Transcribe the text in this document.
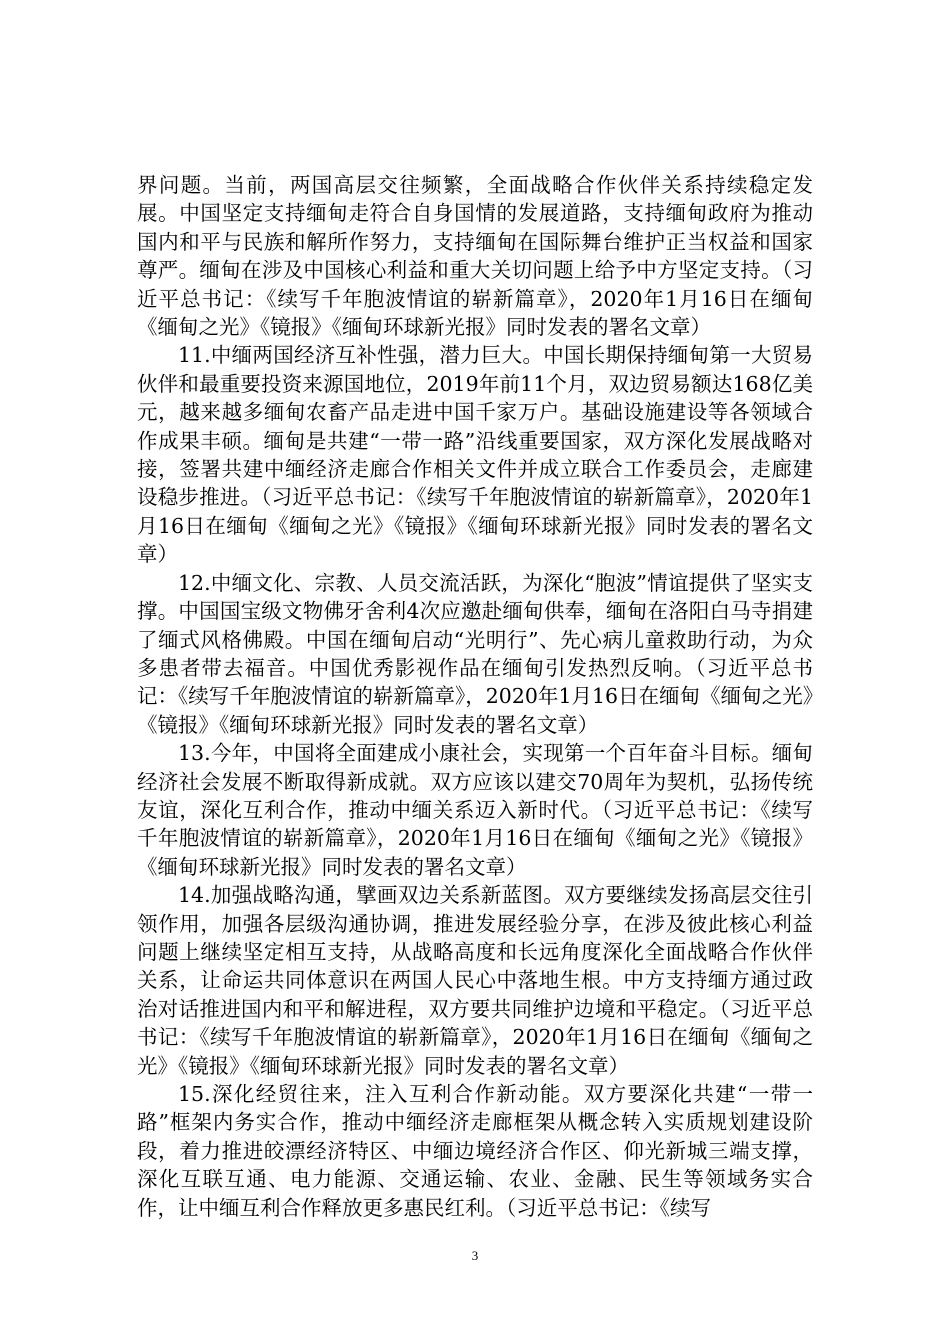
界问题。当前，两国高层交往频繁，全面战略合作伙伴关系持续稳定发展。中国坚定支持缅甸走符合自身国情的发展道路，支持缅甸政府为推动国内和平与民族和解所作努力，支持缅甸在国际舞台维护正当权益和国家尊严。缅甸在涉及中国核心利益和重大关切问题上给予中方坚定支持。（习近平总书记：《续写千年胞波情谊的崭新篇章》，2020年1月16日在缅甸《缅甸之光》《镜报》《缅甸环球新光报》同时发表的署名文章）

11.中缅两国经济互补性强，潜力巨大。中国长期保持缅甸第一大贸易伙伴和最重要投资来源国地位，2019年前11个月，双边贸易额达168亿美元，越来越多缅甸农畜产品走进中国千家万户。基础设施建设等各领域合作成果丰硕。缅甸是共建“一带一路”沿线重要国家，双方深化发展战略对接，签署共建中缅经济走廊合作相关文件并成立联合工作委员会，走廊建设稳步推进。（习近平总书记：《续写千年胞波情谊的崭新篇章》，2020年1月16日在缅甸《缅甸之光》《镜报》《缅甸环球新光报》同时发表的署名文章）

12.中缅文化、宗教、人员交流活跃，为深化“胞波”情谊提供了坚实支撑。中国国宝级文物佛牙舍利4次应邀赴缅甸供奉，缅甸在洛阳白马寺捐建了缅式风格佛殿。中国在缅甸启动“光明行”、先心病儿童救助行动，为众多患者带去福音。中国优秀影视作品在缅甸引发热烈反响。（习近平总书记：《续写千年胞波情谊的崭新篇章》，2020年1月16日在缅甸《缅甸之光》《镜报》《缅甸环球新光报》同时发表的署名文章）

13.今年，中国将全面建成小康社会，实现第一个百年奋斗目标。缅甸经济社会发展不断取得新成就。双方应该以建交70周年为契机，弘扬传统友谊，深化互利合作，推动中缅关系迈入新时代。（习近平总书记：《续写千年胞波情谊的崭新篇章》，2020年1月16日在缅甸《缅甸之光》《镜报》《缅甸环球新光报》同时发表的署名文章）

14.加强战略沟通，擘画双边关系新蓝图。双方要继续发扬高层交往引领作用，加强各层级沟通协调，推进发展经验分享，在涉及彼此核心利益问题上继续坚定相互支持，从战略高度和长远角度深化全面战略合作伙伴关系，让命运共同体意识在两国人民心中落地生根。中方支持缅方通过政治对话推进国内和平和解进程，双方要共同维护边境和平稳定。（习近平总书记：《续写千年胞波情谊的崭新篇章》，2020年1月16日在缅甸《缅甸之光》《镜报》《缅甸环球新光报》同时发表的署名文章）

15.深化经贸往来，注入互利合作新动能。双方要深化共建“一带一路”框架内务实合作，推动中缅经济走廊框架从概念转入实质规划建设阶段，着力推进皎漂经济特区、中缅边境经济合作区、仰光新城三端支撑，深化互联互通、电力能源、交通运输、农业、金融、民生等领域务实合作，让中缅互利合作释放更多惠民红利。（习近平总书记：《续写

3
